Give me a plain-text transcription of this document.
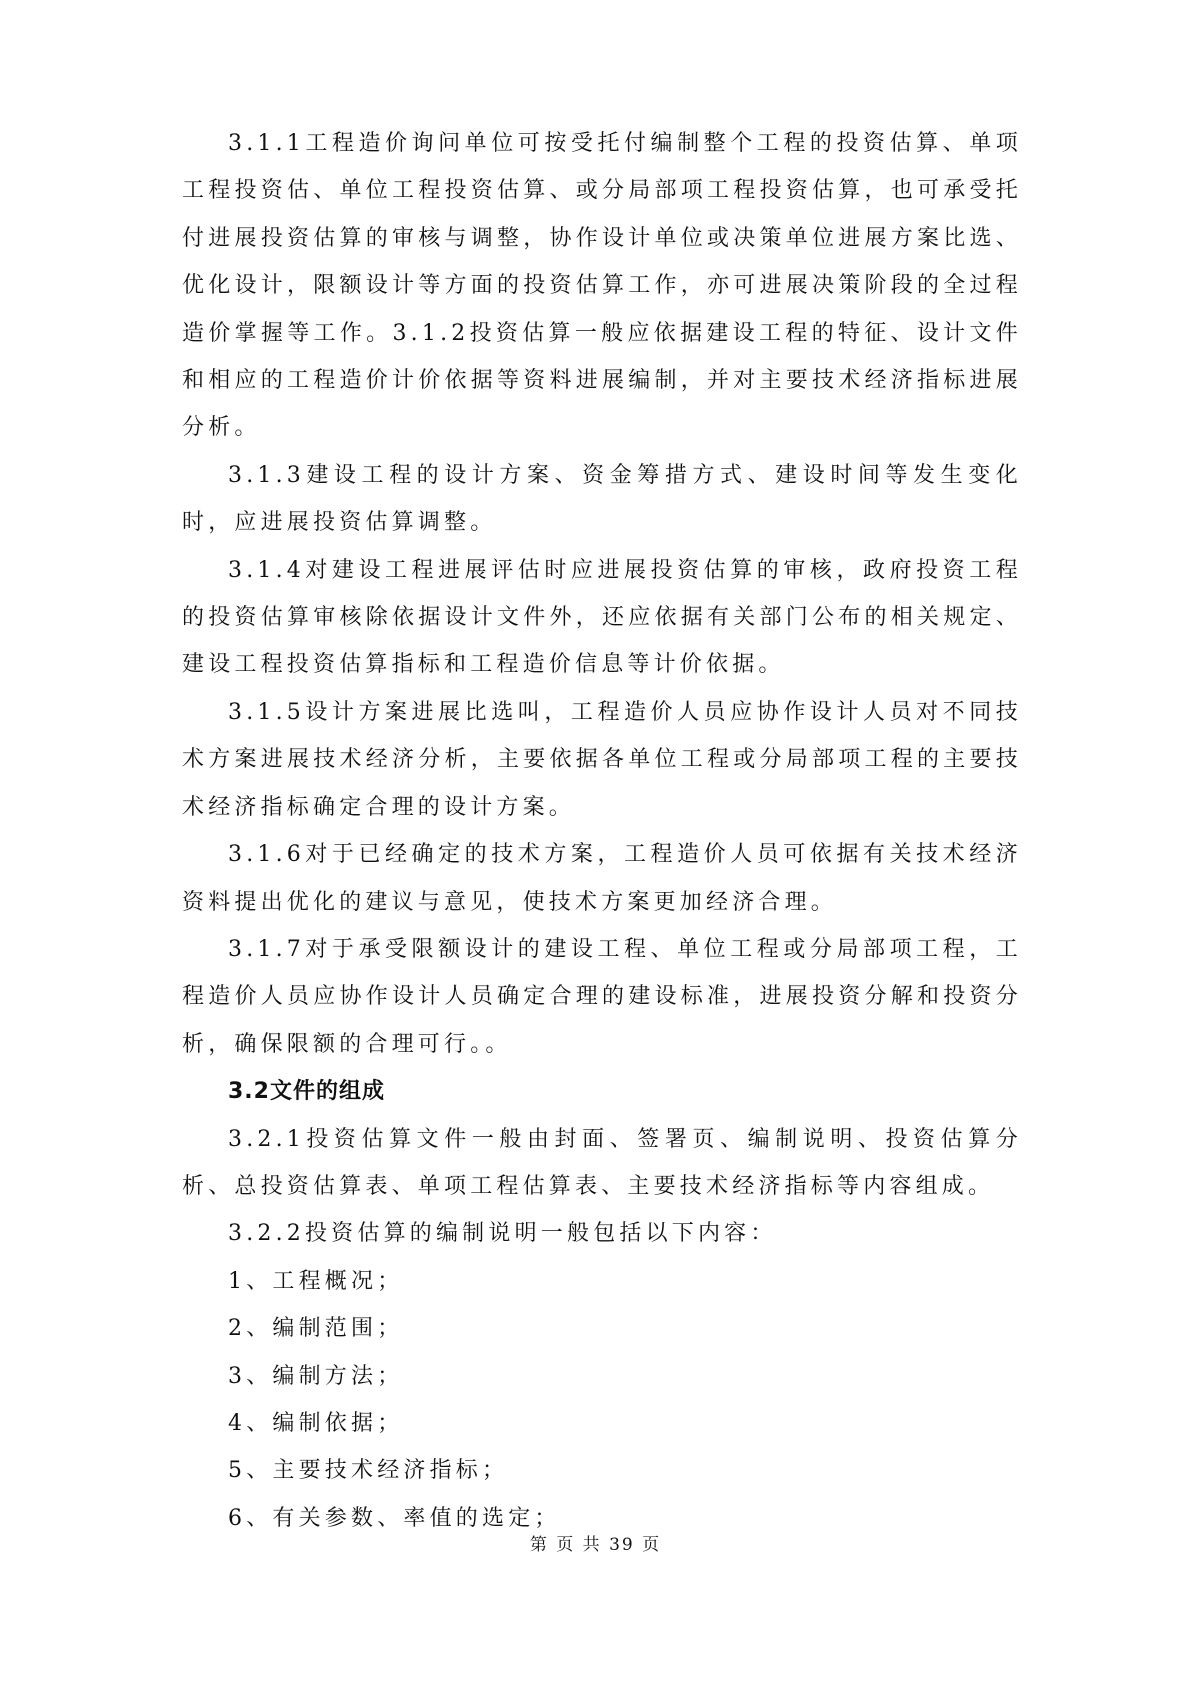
3.1.1工程造价询问单位可按受托付编制整个工程的投资估算、单项工程投资估、单位工程投资估算、或分局部项工程投资估算，也可承受托付进展投资估算的审核与调整，协作设计单位或决策单位进展方案比选、优化设计，限额设计等方面的投资估算工作，亦可进展决策阶段的全过程造价掌握等工作。3.1.2投资估算一般应依据建设工程的特征、设计文件和相应的工程造价计价依据等资料进展编制，并对主要技术经济指标进展分析。

3.1.3建设工程的设计方案、资金筹措方式、建设时间等发生变化时，应进展投资估算调整。

3.1.4对建设工程进展评估时应进展投资估算的审核，政府投资工程的投资估算审核除依据设计文件外，还应依据有关部门公布的相关规定、建设工程投资估算指标和工程造价信息等计价依据。

3.1.5设计方案进展比选叫，工程造价人员应协作设计人员对不同技术方案进展技术经济分析，主要依据各单位工程或分局部项工程的主要技术经济指标确定合理的设计方案。

3.1.6对于已经确定的技术方案，工程造价人员可依据有关技术经济资料提出优化的建议与意见，使技术方案更加经济合理。

3.1.7对于承受限额设计的建设工程、单位工程或分局部项工程，工程造价人员应协作设计人员确定合理的建设标准，进展投资分解和投资分析，确保限额的合理可行。。

3.2文件的组成

3.2.1投资估算文件一般由封面、签署页、编制说明、投资估算分析、总投资估算表、单项工程估算表、主要技术经济指标等内容组成。

3.2.2投资估算的编制说明一般包括以下内容：

1、工程概况；

2、编制范围；

3、编制方法；

4、编制依据；

5、主要技术经济指标；

6、有关参数、率值的选定；

第 页 共 39 页
